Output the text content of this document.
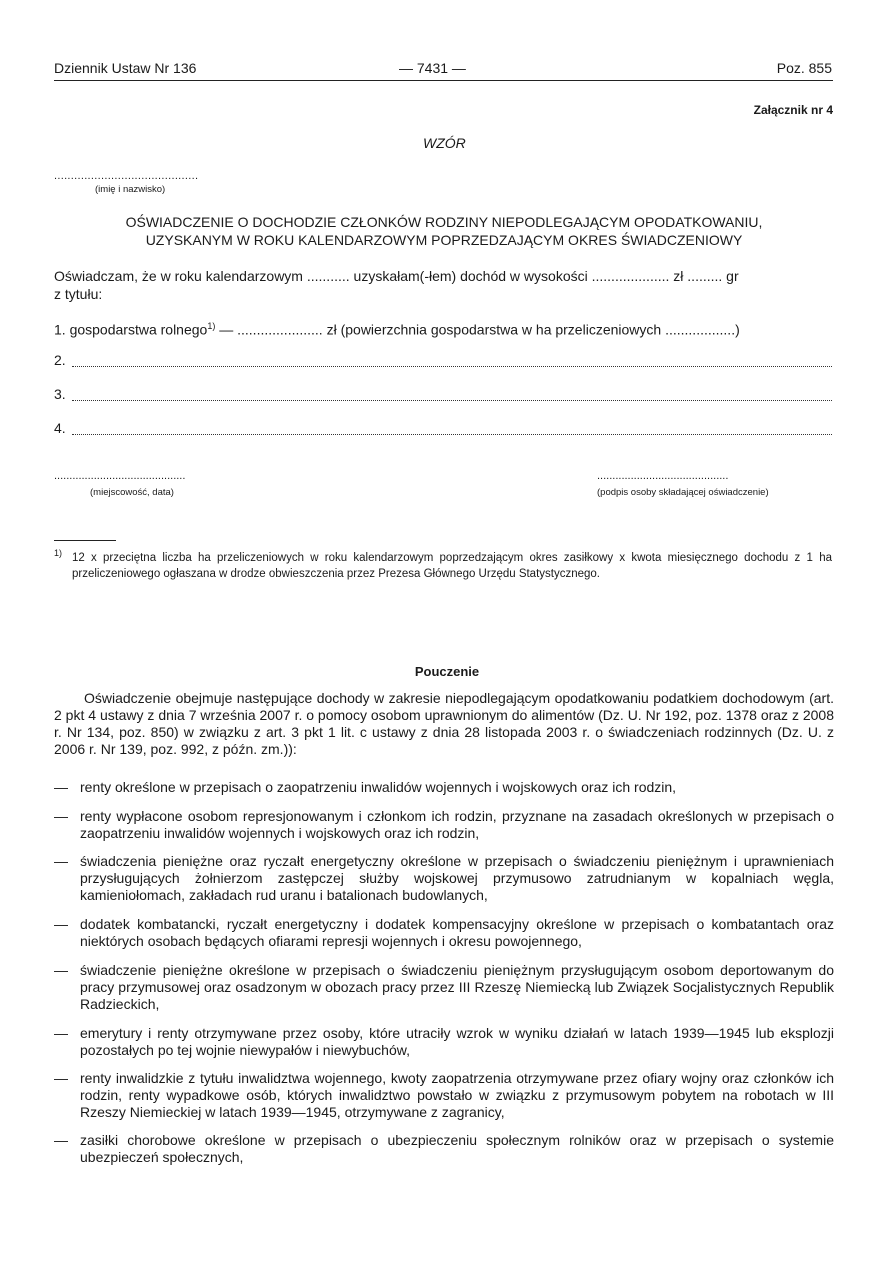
Dziennik Ustaw Nr 136	— 7431 —	Poz. 855
Załącznik nr 4
WZÓR
...........................................
(imię i nazwisko)
OŚWIADCZENIE O DOCHODZIE CZŁONKÓW RODZINY NIEPODLEGAJĄCYM OPODATKOWANIU,
UZYSKANYM W ROKU KALENDARZOWYM POPRZEDZAJĄCYM OKRES ŚWIADCZENIOWY
Oświadczam, że w roku kalendarzowym ........... uzyskałam(-łem) dochód w wysokości .................... zł ......... gr
z tytułu:
1. gospodarstwa rolnego$^{1)}$ — ...................... zł (powierzchnia gospodarstwa w ha przeliczeniowych ..................)
2.
3.
4.
...........................................
(miejscowość, data)
...........................................
(podpis osoby składającej oświadczenie)
1) 12 x przeciętna liczba ha przeliczeniowych w roku kalendarzowym poprzedzającym okres zasiłkowy x kwota miesięcznego dochodu z 1 ha przeliczeniowego ogłaszana w drodze obwieszczenia przez Prezesa Głównego Urzędu Statystycznego.
Pouczenie
Oświadczenie obejmuje następujące dochody w zakresie niepodlegającym opodatkowaniu podatkiem dochodowym (art. 2 pkt 4 ustawy z dnia 7 września 2007 r. o pomocy osobom uprawnionym do alimentów (Dz. U. Nr 192, poz. 1378 oraz z 2008 r. Nr 134, poz. 850) w związku z art. 3 pkt 1 lit. c ustawy z dnia 28 listopada 2003 r. o świadczeniach rodzinnych (Dz. U. z 2006 r. Nr 139, poz. 992, z późn. zm.)):
— renty określone w przepisach o zaopatrzeniu inwalidów wojennych i wojskowych oraz ich rodzin,
— renty wypłacone osobom represjonowanym i członkom ich rodzin, przyznane na zasadach określonych w przepisach o zaopatrzeniu inwalidów wojennych i wojskowych oraz ich rodzin,
— świadczenia pieniężne oraz ryczałt energetyczny określone w przepisach o świadczeniu pieniężnym i uprawnieniach przysługujących żołnierzom zastępczej służby wojskowej przymusowo zatrudnianym w kopalniach węgla, kamieniołomach, zakładach rud uranu i batalionach budowlanych,
— dodatek kombatancki, ryczałt energetyczny i dodatek kompensacyjny określone w przepisach o kombatantach oraz niektórych osobach będących ofiarami represji wojennych i okresu powojennego,
— świadczenie pieniężne określone w przepisach o świadczeniu pieniężnym przysługującym osobom deportowanym do pracy przymusowej oraz osadzonym w obozach pracy przez III Rzeszę Niemiecką lub Związek Socjalistycznych Republik Radzieckich,
— emerytury i renty otrzymywane przez osoby, które utraciły wzrok w wyniku działań w latach 1939—1945 lub eksplozji pozostałych po tej wojnie niewypałów i niewybuchów,
— renty inwalidzkie z tytułu inwalidztwa wojennego, kwoty zaopatrzenia otrzymywane przez ofiary wojny oraz członków ich rodzin, renty wypadkowe osób, których inwalidztwo powstało w związku z przymusowym pobytem na robotach w III Rzeszy Niemieckiej w latach 1939—1945, otrzymywane z zagranicy,
— zasiłki chorobowe określone w przepisach o ubezpieczeniu społecznym rolników oraz w przepisach o systemie ubezpieczeń społecznych,
